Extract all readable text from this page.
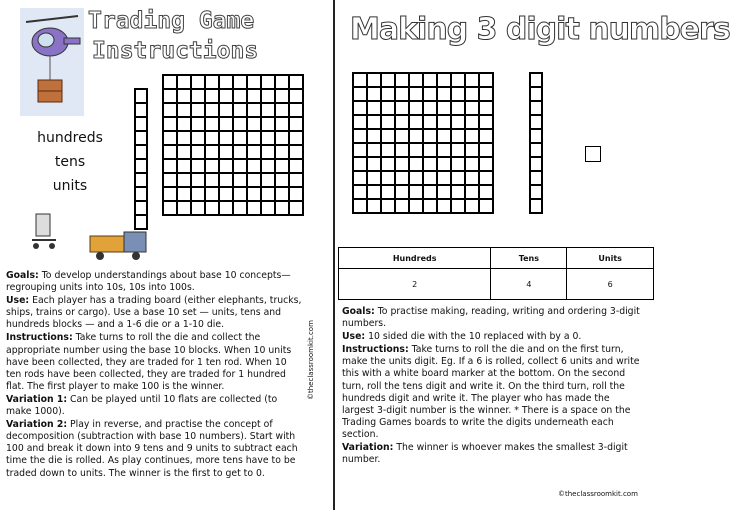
Trading Game
Instructions
hundreds
tens
units

Goals: To develop understandings about base 10 concepts— regrouping units into 10s, 10s into 100s.

Use: Each player has a trading board (either elephants, trucks, ships, trains or cargo). Use a base 10 set — units, tens and hundreds blocks — and a 1-6 die or a 1-10 die.

Instructions: Take turns to roll the die and collect the appropriate number using the base 10 blocks. When 10 units have been collected, they are traded for 1 ten rod. When 10 ten rods have been collected, they are traded for 1 hundred flat. The first player to make 100 is the winner.

Variation 1: Can be played until 10 flats are collected (to make 1000).

Variation 2: Play in reverse, and practise the concept of decomposition (subtraction with base 10 numbers). Start with 100 and break it down into 9 tens and 9 units to subtract each time the die is rolled. As play continues, more tens have to be traded down to units. The winner is the first to get to 0.

©theclassroomkit.com
Making 3 digit numbers
Hundreds	Tens	Units
2	4	6

Goals: To practise making, reading, writing and ordering 3-digit numbers.

Use: 10 sided die with the 10 replaced with by a 0.

Instructions: Take turns to roll the die and on the first turn, make the units digit. Eg. If a 6 is rolled, collect 6 units and write this with a white board marker at the bottom. On the second turn, roll the tens digit and write it. On the third turn, roll the hundreds digit and write it. The player who has made the largest 3-digit number is the winner. * There is a space on the Trading Games boards to write the digits underneath each section.

Variation: The winner is whoever makes the smallest 3-digit number.

©theclassroomkit.com
